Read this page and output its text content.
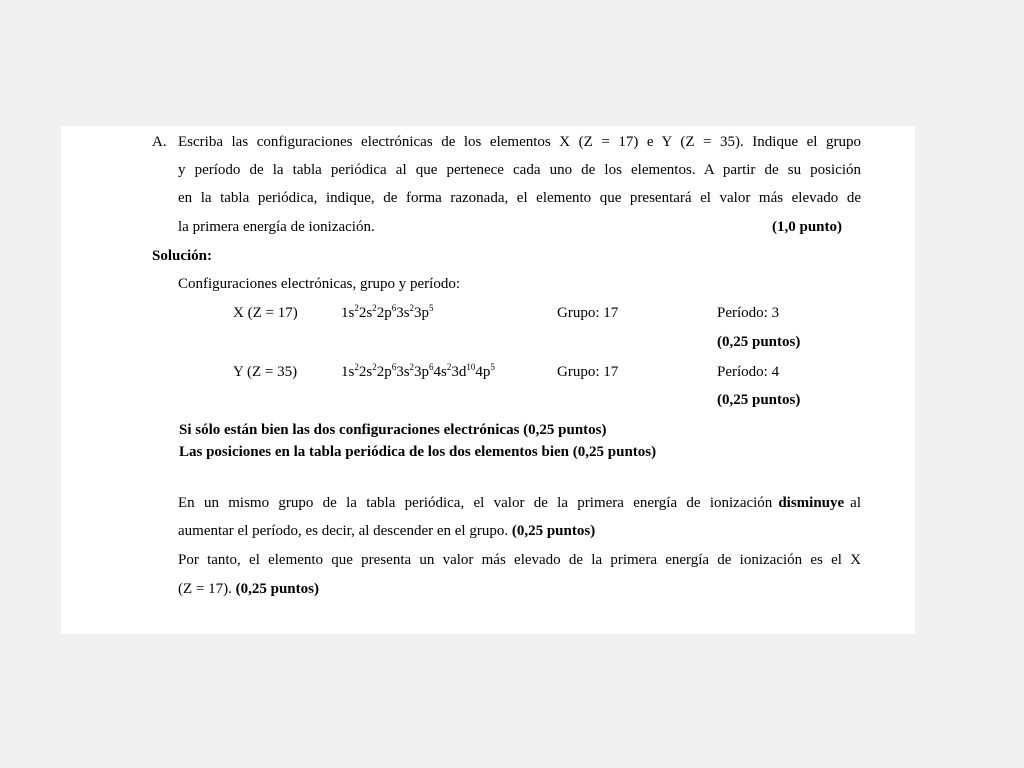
A. Escriba las configuraciones electrónicas de los elementos X (Z = 17) e Y (Z = 35). Indique el grupo
y período de la tabla periódica al que pertenece cada uno de los elementos. A partir de su posición
en la tabla periódica, indique, de forma razonada, el elemento que presentará el valor más elevado de
la primera energía de ionización.	(1,0 punto)
Solución:
Configuraciones electrónicas, grupo y período:
X (Z = 17)	$1s^22s^22p^63s^23p^5$	Grupo: 17	Período: 3
(0,25 puntos)
Y (Z = 35)	$1s^22s^22p^63s^23p^64s^23d^{10}4p^5$	Grupo: 17	Período: 4
(0,25 puntos)
Si sólo están bien las dos configuraciones electrónicas (0,25 puntos)
Las posiciones en la tabla periódica de los dos elementos bien (0,25 puntos)
En un mismo grupo de la tabla periódica, el valor de la primera energía de ionización disminuye al
aumentar el período, es decir, al descender en el grupo. (0,25 puntos)
Por tanto, el elemento que presenta un valor más elevado de la primera energía de ionización es el X
(Z = 17). (0,25 puntos)
